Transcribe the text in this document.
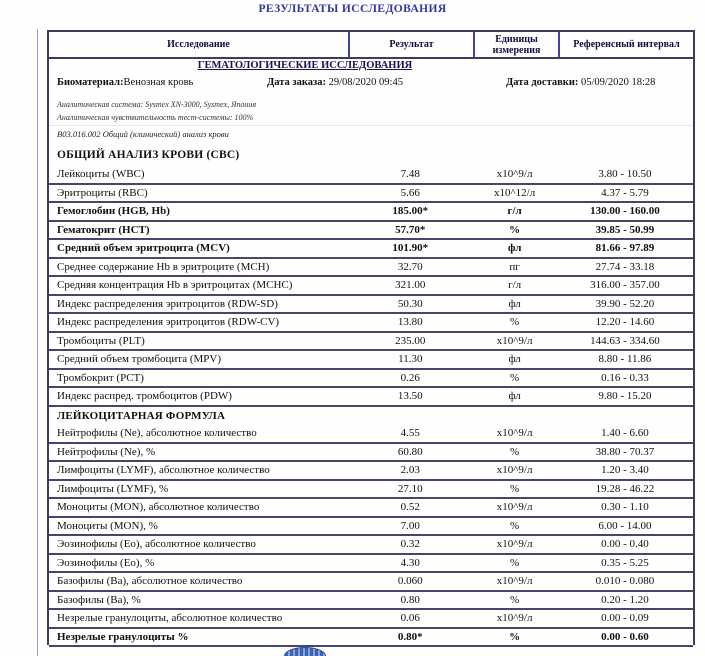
РЕЗУЛЬТАТЫ ИССЛЕДОВАНИЯ
Исследование	Результат	Единицы измерения	Референсный интервал
ГЕМАТОЛОГИЧЕСКИЕ ИССЛЕДОВАНИЯ
Биоматериал:Венозная кровь	Дата заказа: 29/08/2020 09:45	Дата доставки: 05/09/2020 18:28
Аналитическая система: Sysmex XN-3000, Sysmex, Япония
Аналитическая чувствительность тест-системы: 100%
B03.016.002 Общий (клинический) анализ крови
ОБЩИЙ АНАЛИЗ КРОВИ (CBC)
Лейкоциты (WBC)	7.48	x10^9/л	3.80 - 10.50
Эритроциты (RBC)	5.66	x10^12/л	4.37 - 5.79
Гемоглобин (HGB, Hb)	185.00*	г/л	130.00 - 160.00
Гематокрит (HCT)	57.70*	%	39.85 - 50.99
Средний объем эритроцита (MCV)	101.90*	фл	81.66 - 97.89
Среднее содержание Hb в эритроците (MCH)	32.70	пг	27.74 - 33.18
Средняя концентрация Hb в эритроцитах (MCHC)	321.00	г/л	316.00 - 357.00
Индекс распределения эритроцитов (RDW-SD)	50.30	фл	39.90 - 52.20
Индекс распределения эритроцитов (RDW-CV)	13.80	%	12.20 - 14.60
Тромбоциты (PLT)	235.00	x10^9/л	144.63 - 334.60
Средний объем тромбоцита (MPV)	11.30	фл	8.80 - 11.86
Тромбокрит (PCT)	0.26	%	0.16 - 0.33
Индекс распред. тромбоцитов (PDW)	13.50	фл	9.80 - 15.20
ЛЕЙКОЦИТАРНАЯ ФОРМУЛА
Нейтрофилы (Ne), абсолютное количество	4.55	x10^9/л	1.40 - 6.60
Нейтрофилы (Ne), %	60.80	%	38.80 - 70.37
Лимфоциты (LYMF), абсолютное количество	2.03	x10^9/л	1.20 - 3.40
Лимфоциты (LYMF), %	27.10	%	19.28 - 46.22
Моноциты (MON), абсолютное количество	0.52	x10^9/л	0.30 - 1.10
Моноциты (MON), %	7.00	%	6.00 - 14.00
Эозинофилы (Eo), абсолютное количество	0.32	x10^9/л	0.00 - 0.40
Эозинофилы (Eo), %	4.30	%	0.35 - 5.25
Базофилы (Ba), абсолютное количество	0.060	x10^9/л	0.010 - 0.080
Базофилы (Ba), %	0.80	%	0.20 - 1.20
Незрелые гранулоциты, абсолютное количество	0.06	x10^9/л	0.00 - 0.09
Незрелые гранулоциты %	0.80*	%	0.00 - 0.60
